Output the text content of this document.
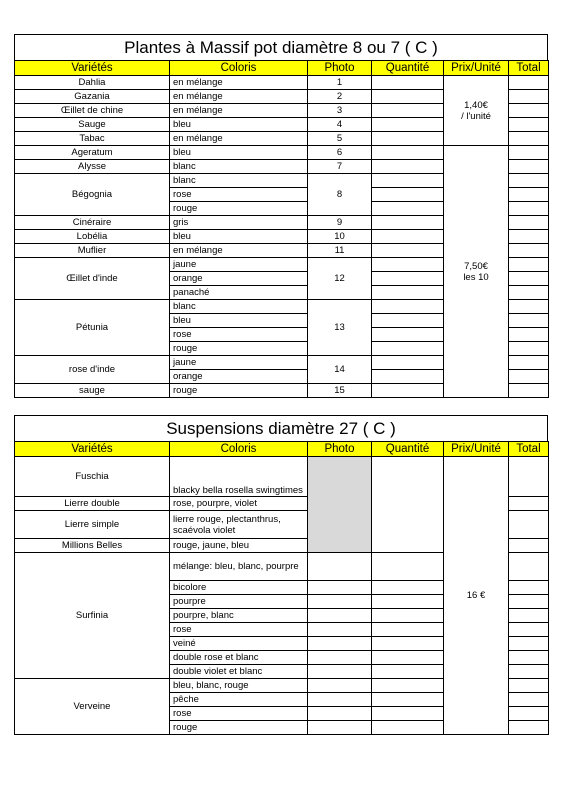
Plantes à Massif pot diamètre 8 ou 7 ( C )
Variétés	Coloris	Photo	Quantité	Prix/Unité	Total
Dahlia	en mélange	1		1,40€
/ l'unité	

Gazania	en mélange	2			
Œillet de chine	en mélange	3			
Sauge	bleu	4			
Tabac	en mélange	5			
Ageratum	bleu	6		7,50€
les 10	

Alysse	blanc	7			
Bégognia	blanc	8			
	rose				
	rouge				
Cinéraire	gris	9			
Lobélia	bleu	10			
Muflier	en mélange	11			
Œillet d'inde	jaune	12			
	orange				
	panaché				
Pétunia	blanc	13			
	bleu				
	rose				
	rouge				
rose d'inde	jaune	14			
	orange				
sauge	rouge	15			
Suspensions diamètre 27 ( C )
Variétés	Coloris	Photo	Quantité	Prix/Unité	Total
Fuschia	blacky bella rosella swingtimes			16 €	
Lierre double	rose, pourpre, violet				
Lierre simple	lierre rouge, plectanthrus, scaévola violet				
Millions Belles	rouge, jaune, bleu				
Surfinia	mélange: bleu, blanc, pourpre				
	bicolore				
	pourpre				
	pourpre, blanc				
	rose				
	veiné				
	double rose et blanc				
	double violet et blanc				
Verveine	bleu, blanc, rouge				
	pêche				
	rose				
	rouge				
